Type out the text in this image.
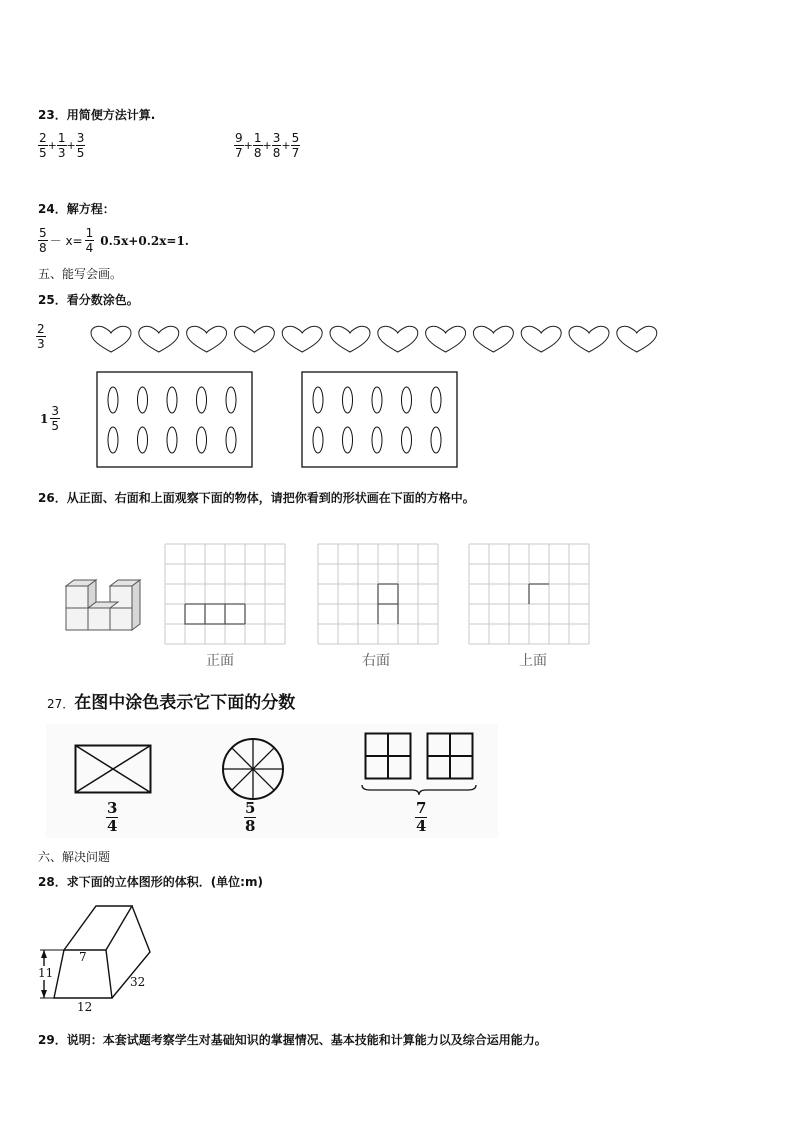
23．用简便方法计算.
$\frac{2}{5} + \frac{1}{3} + \frac{3}{5}$	$\frac{9}{7} + \frac{1}{8} + \frac{3}{8} + \frac{5}{7}$
24．解方程：
$\frac{5}{8} - x= \frac{1}{4} 0.5x+0.2x=1$.
五、能写会画。
25．看分数涂色。
$\frac{2}{3}$
$1 \frac{3}{5}$
26．从正面、右面和上面观察下面的物体，请把你看到的形状画在下面的方格中。
正面	右面	上面
27． 在图中涂色表示它下面的分数
$\frac{3}{4}$	$\frac{5}{8}$	$\frac{7}{4}$
六、解决问题
28．求下面的立体图形的体积．(单位:m)
7
11
12
32
29．说明：本套试题考察学生对基础知识的掌握情况、基本技能和计算能力以及综合运用能力。
